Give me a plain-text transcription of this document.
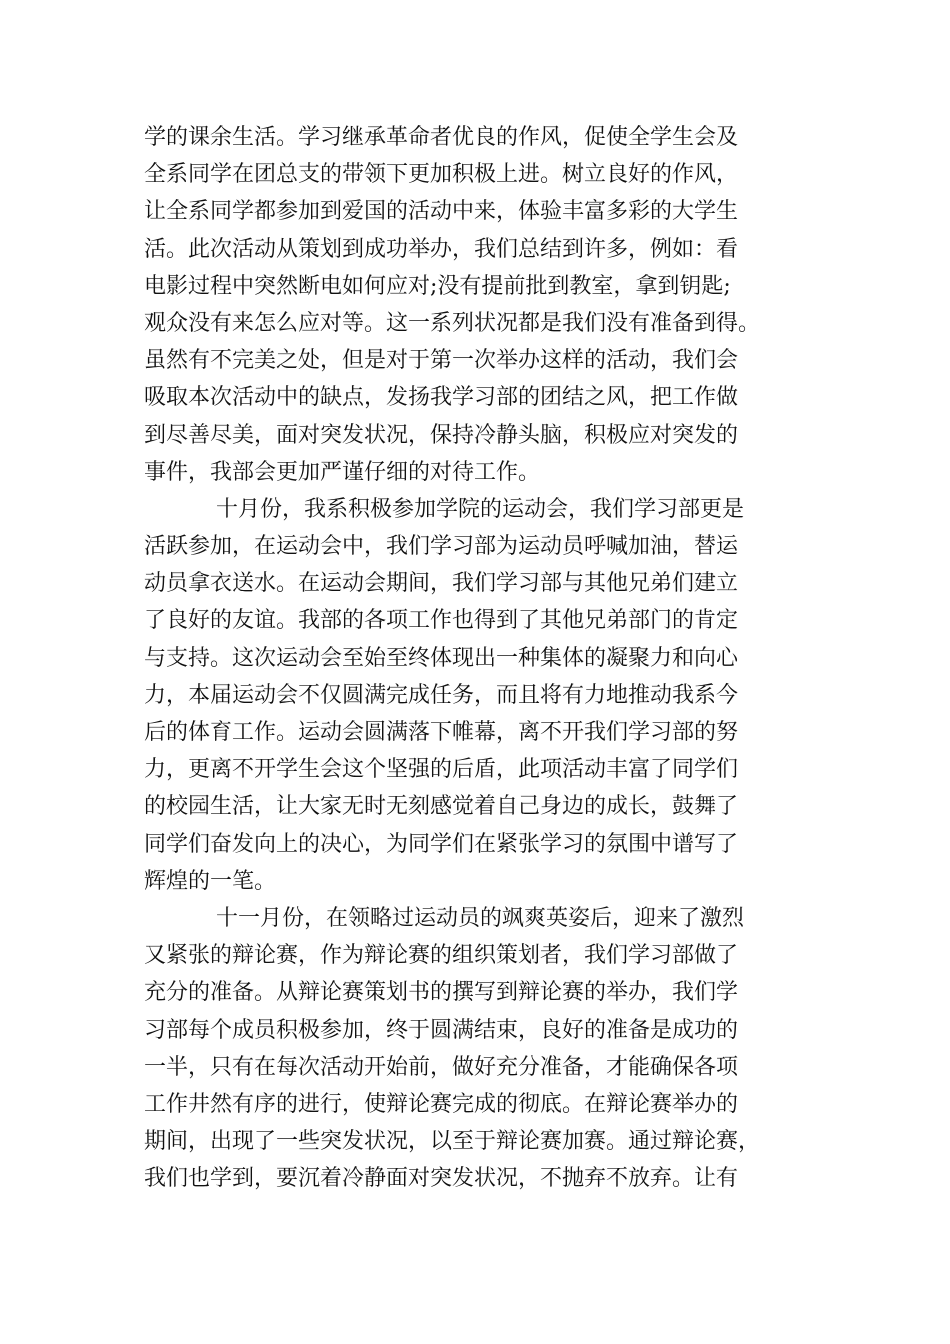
学的课余生活。学习继承革命者优良的作风，促使全学生会及
全系同学在团总支的带领下更加积极上进。树立良好的作风，
让全系同学都参加到爱国的活动中来，体验丰富多彩的大学生
活。此次活动从策划到成功举办，我们总结到许多，例如：看
电影过程中突然断电如何应对;没有提前批到教室，拿到钥匙;
观众没有来怎么应对等。这一系列状况都是我们没有准备到得。
虽然有不完美之处，但是对于第一次举办这样的活动，我们会
吸取本次活动中的缺点，发扬我学习部的团结之风，把工作做
到尽善尽美，面对突发状况，保持冷静头脑，积极应对突发的
事件，我部会更加严谨仔细的对待工作。
十月份，我系积极参加学院的运动会，我们学习部更是
活跃参加，在运动会中，我们学习部为运动员呼喊加油，替运
动员拿衣送水。在运动会期间，我们学习部与其他兄弟们建立
了良好的友谊。我部的各项工作也得到了其他兄弟部门的肯定
与支持。这次运动会至始至终体现出一种集体的凝聚力和向心
力，本届运动会不仅圆满完成任务，而且将有力地推动我系今
后的体育工作。运动会圆满落下帷幕，离不开我们学习部的努
力，更离不开学生会这个坚强的后盾，此项活动丰富了同学们
的校园生活，让大家无时无刻感觉着自己身边的成长，鼓舞了
同学们奋发向上的决心，为同学们在紧张学习的氛围中谱写了
辉煌的一笔。
十一月份，在领略过运动员的飒爽英姿后，迎来了激烈
又紧张的辩论赛，作为辩论赛的组织策划者，我们学习部做了
充分的准备。从辩论赛策划书的撰写到辩论赛的举办，我们学
习部每个成员积极参加，终于圆满结束，良好的准备是成功的
一半，只有在每次活动开始前，做好充分准备，才能确保各项
工作井然有序的进行，使辩论赛完成的彻底。在辩论赛举办的
期间，出现了一些突发状况，以至于辩论赛加赛。通过辩论赛，
我们也学到，要沉着冷静面对突发状况，不抛弃不放弃。让有
